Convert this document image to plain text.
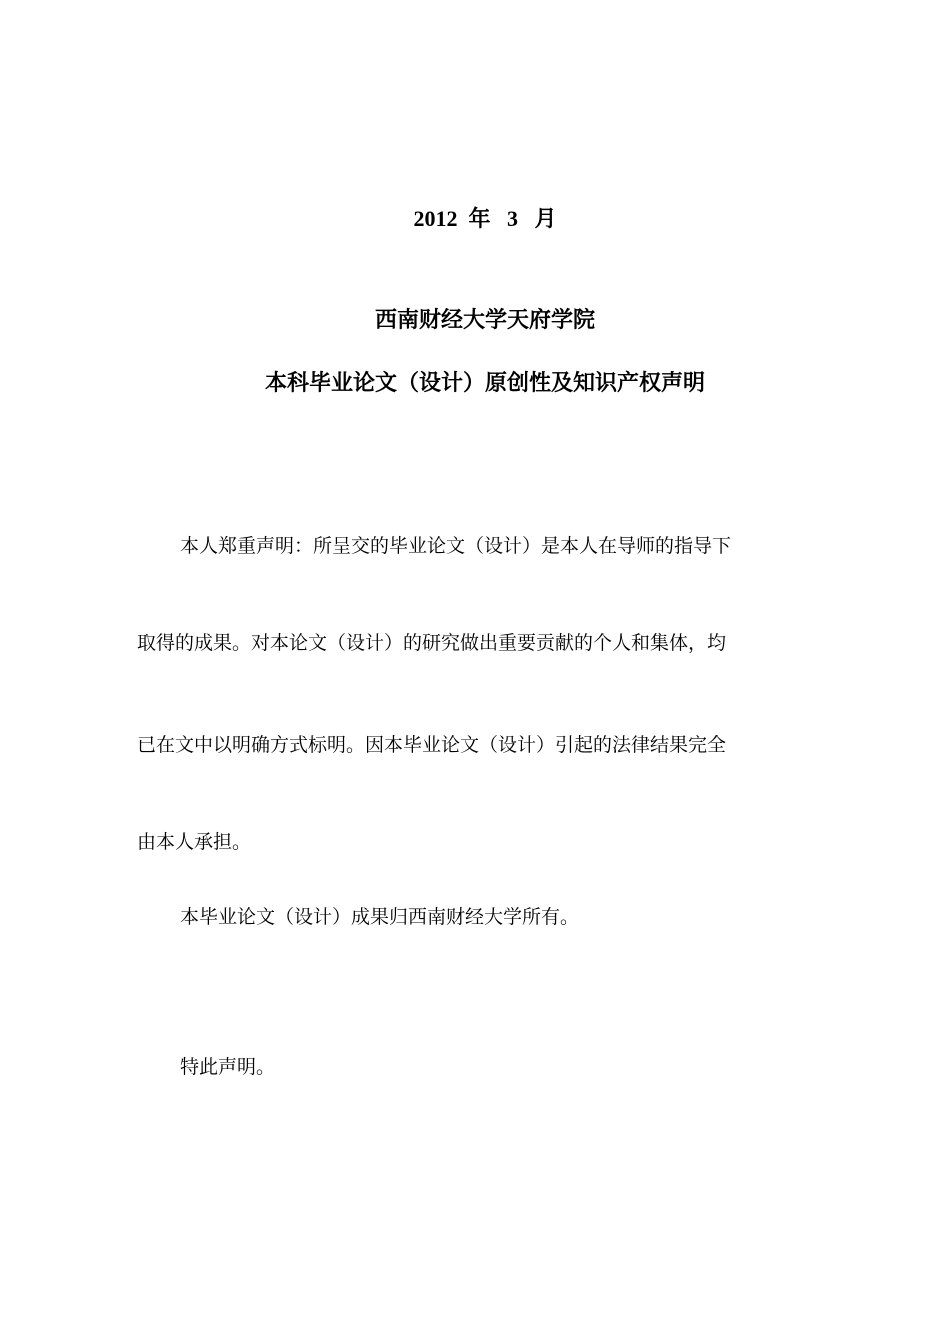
2012  年   3   月
西南财经大学天府学院
本科毕业论文（设计）原创性及知识产权声明
本人郑重声明：所呈交的毕业论文（设计）是本人在导师的指导下
取得的成果。对本论文（设计）的研究做出重要贡献的个人和集体，均
已在文中以明确方式标明。因本毕业论文（设计）引起的法律结果完全
由本人承担。
本毕业论文（设计）成果归西南财经大学所有。
特此声明。
